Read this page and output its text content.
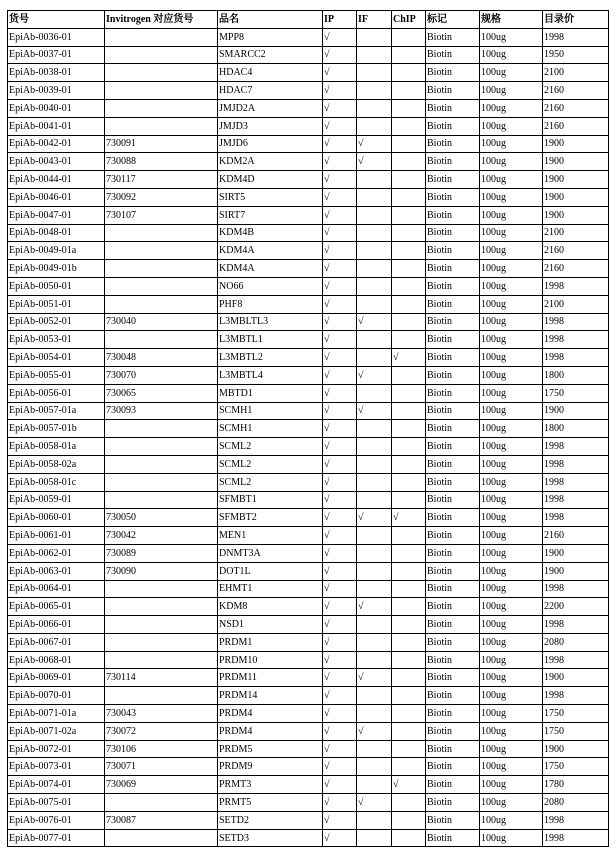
货号	Invitrogen 对应货号	品名	IP	IF	ChIP	标记	规格	目录价
EpiAb-0036-01		MPP8	√			Biotin	100ug	1998
EpiAb-0037-01		SMARCC2	√			Biotin	100ug	1950
EpiAb-0038-01		HDAC4	√			Biotin	100ug	2100
EpiAb-0039-01		HDAC7	√			Biotin	100ug	2160
EpiAb-0040-01		JMJD2A	√			Biotin	100ug	2160
EpiAb-0041-01		JMJD3	√			Biotin	100ug	2160
EpiAb-0042-01	730091	JMJD6	√	√		Biotin	100ug	1900
EpiAb-0043-01	730088	KDM2A	√	√		Biotin	100ug	1900
EpiAb-0044-01	730117	KDM4D	√			Biotin	100ug	1900
EpiAb-0046-01	730092	SIRT5	√			Biotin	100ug	1900
EpiAb-0047-01	730107	SIRT7	√			Biotin	100ug	1900
EpiAb-0048-01		KDM4B	√			Biotin	100ug	2100
EpiAb-0049-01a		KDM4A	√			Biotin	100ug	2160
EpiAb-0049-01b		KDM4A	√			Biotin	100ug	2160
EpiAb-0050-01		NO66	√			Biotin	100ug	1998
EpiAb-0051-01		PHF8	√			Biotin	100ug	2100
EpiAb-0052-01	730040	L3MBLTL3	√	√		Biotin	100ug	1998
EpiAb-0053-01		L3MBTL1	√			Biotin	100ug	1998
EpiAb-0054-01	730048	L3MBTL2	√		√	Biotin	100ug	1998
EpiAb-0055-01	730070	L3MBTL4	√	√		Biotin	100ug	1800
EpiAb-0056-01	730065	MBTD1	√			Biotin	100ug	1750
EpiAb-0057-01a	730093	SCMH1	√	√		Biotin	100ug	1900
EpiAb-0057-01b		SCMH1	√			Biotin	100ug	1800
EpiAb-0058-01a		SCML2	√			Biotin	100ug	1998
EpiAb-0058-02a		SCML2	√			Biotin	100ug	1998
EpiAb-0058-01c		SCML2	√			Biotin	100ug	1998
EpiAb-0059-01		SFMBT1	√			Biotin	100ug	1998
EpiAb-0060-01	730050	SFMBT2	√	√	√	Biotin	100ug	1998
EpiAb-0061-01	730042	MEN1	√			Biotin	100ug	2160
EpiAb-0062-01	730089	DNMT3A	√			Biotin	100ug	1900
EpiAb-0063-01	730090	DOT1L	√			Biotin	100ug	1900
EpiAb-0064-01		EHMT1	√			Biotin	100ug	1998
EpiAb-0065-01		KDM8	√	√		Biotin	100ug	2200
EpiAb-0066-01		NSD1	√			Biotin	100ug	1998
EpiAb-0067-01		PRDM1	√			Biotin	100ug	2080
EpiAb-0068-01		PRDM10	√			Biotin	100ug	1998
EpiAb-0069-01	730114	PRDM11	√	√		Biotin	100ug	1900
EpiAb-0070-01		PRDM14	√			Biotin	100ug	1998
EpiAb-0071-01a	730043	PRDM4	√			Biotin	100ug	1750
EpiAb-0071-02a	730072	PRDM4	√	√		Biotin	100ug	1750
EpiAb-0072-01	730106	PRDM5	√			Biotin	100ug	1900
EpiAb-0073-01	730071	PRDM9	√			Biotin	100ug	1750
EpiAb-0074-01	730069	PRMT3	√		√	Biotin	100ug	1780
EpiAb-0075-01		PRMT5	√	√		Biotin	100ug	2080
EpiAb-0076-01	730087	SETD2	√			Biotin	100ug	1998
EpiAb-0077-01		SETD3	√			Biotin	100ug	1998
